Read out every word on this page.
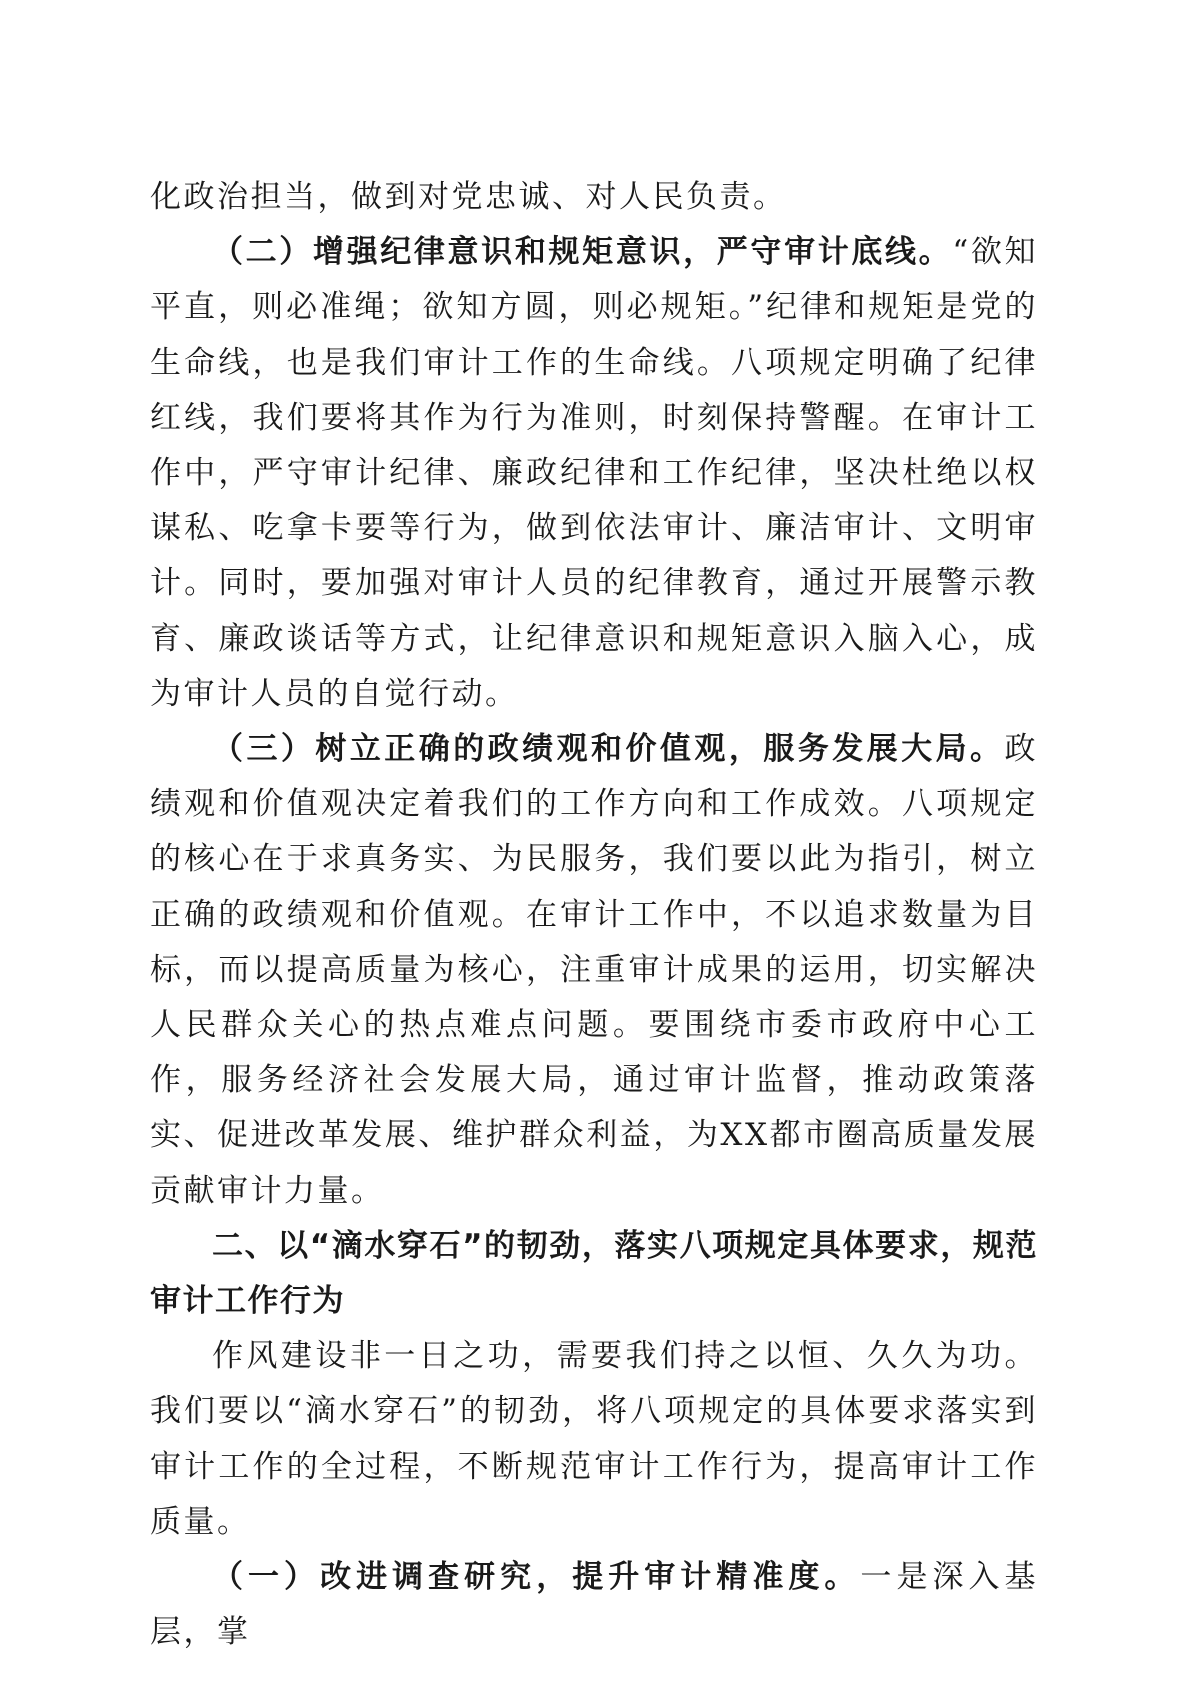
化政治担当，做到对党忠诚、对人民负责。

（二）增强纪律意识和规矩意识，严守审计底线。“欲知平直，则必准绳；欲知方圆，则必规矩。”纪律和规矩是党的生命线，也是我们审计工作的生命线。八项规定明确了纪律红线，我们要将其作为行为准则，时刻保持警醒。在审计工作中，严守审计纪律、廉政纪律和工作纪律，坚决杜绝以权谋私、吃拿卡要等行为，做到依法审计、廉洁审计、文明审计。同时，要加强对审计人员的纪律教育，通过开展警示教育、廉政谈话等方式，让纪律意识和规矩意识入脑入心，成为审计人员的自觉行动。

（三）树立正确的政绩观和价值观，服务发展大局。政绩观和价值观决定着我们的工作方向和工作成效。八项规定的核心在于求真务实、为民服务，我们要以此为指引，树立正确的政绩观和价值观。在审计工作中，不以追求数量为目标，而以提高质量为核心，注重审计成果的运用，切实解决人民群众关心的热点难点问题。要围绕市委市政府中心工作，服务经济社会发展大局，通过审计监督，推动政策落实、促进改革发展、维护群众利益，为XX都市圈高质量发展贡献审计力量。

二、以“滴水穿石”的韧劲，落实八项规定具体要求，规范审计工作行为

作风建设非一日之功，需要我们持之以恒、久久为功。我们要以“滴水穿石”的韧劲，将八项规定的具体要求落实到审计工作的全过程，不断规范审计工作行为，提高审计工作质量。

（一）改进调查研究，提升审计精准度。一是深入基层，掌
